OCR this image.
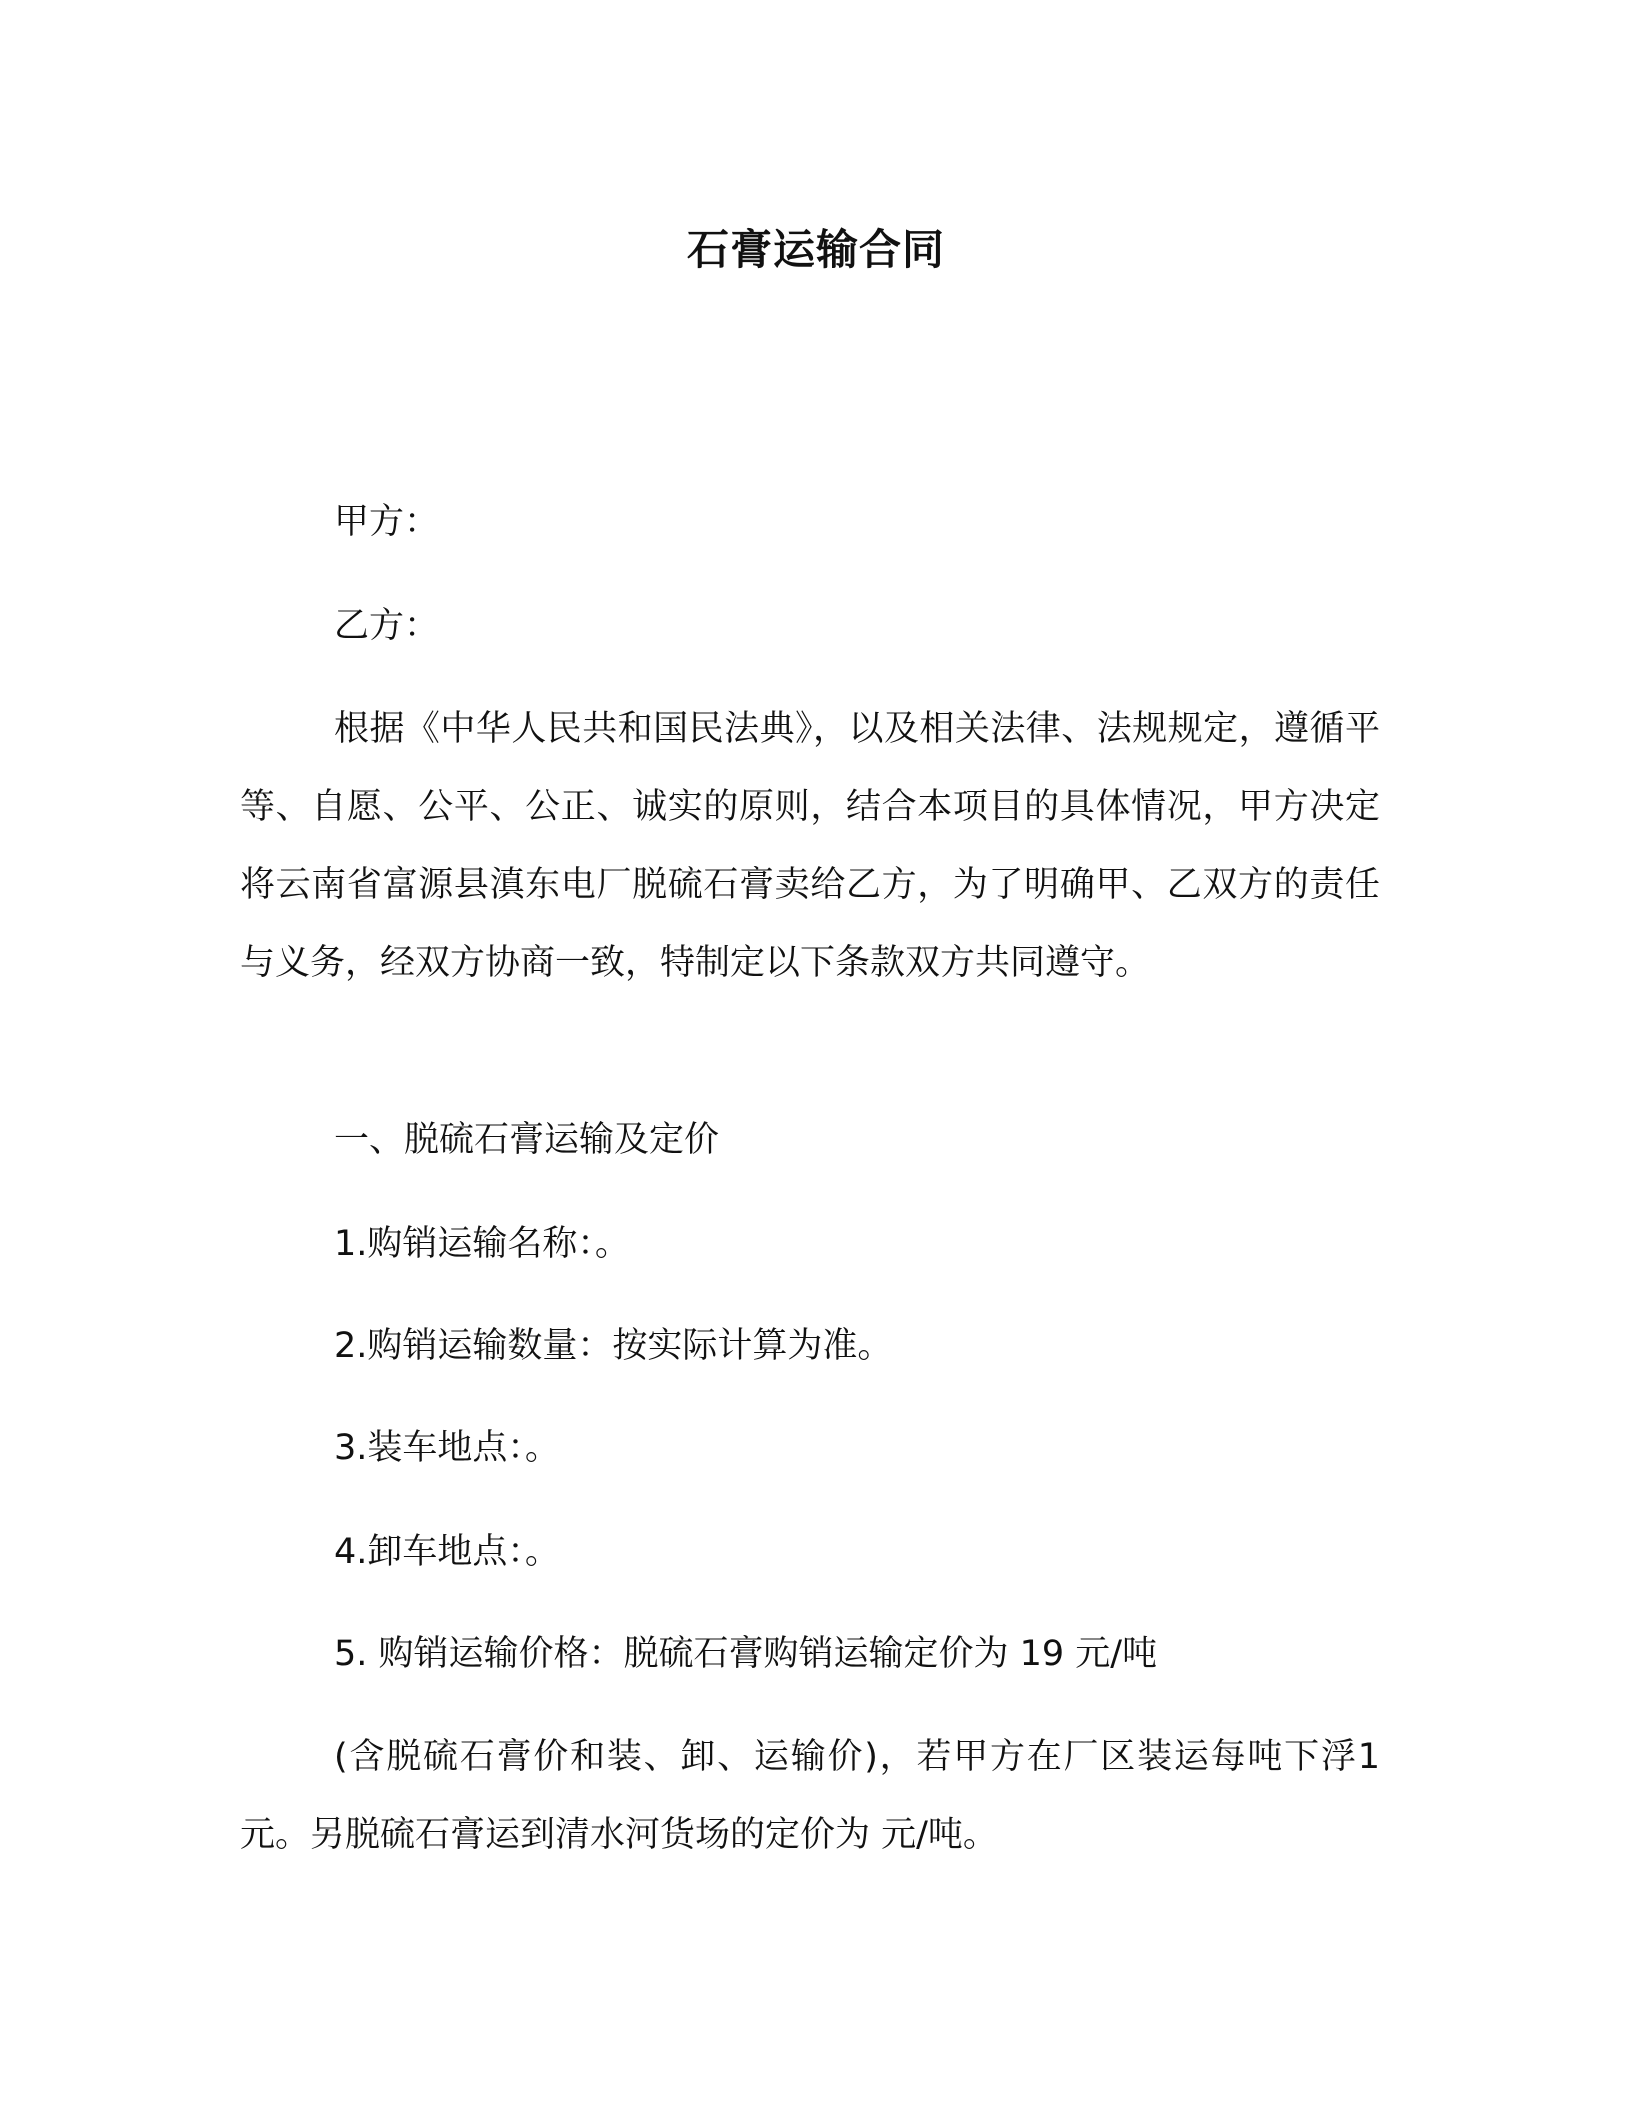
石膏运输合同
甲方：
乙方：
根据《中华人民共和国民法典》，以及相关法律、法规规定，遵循平等、自愿、公平、公正、诚实的原则，结合本项目的具体情况，甲方决定将云南省富源县滇东电厂脱硫石膏卖给乙方，为了明确甲、乙双方的责任与义务，经双方协商一致，特制定以下条款双方共同遵守。
一、脱硫石膏运输及定价
1.购销运输名称：。
2.购销运输数量：按实际计算为准。
3.装车地点：。
4.卸车地点：。
5. 购销运输价格：脱硫石膏购销运输定价为 19 元/吨
(含脱硫石膏价和装、卸、运输价)，若甲方在厂区装运每吨下浮1 元。另脱硫石膏运到清水河货场的定价为 元/吨。
